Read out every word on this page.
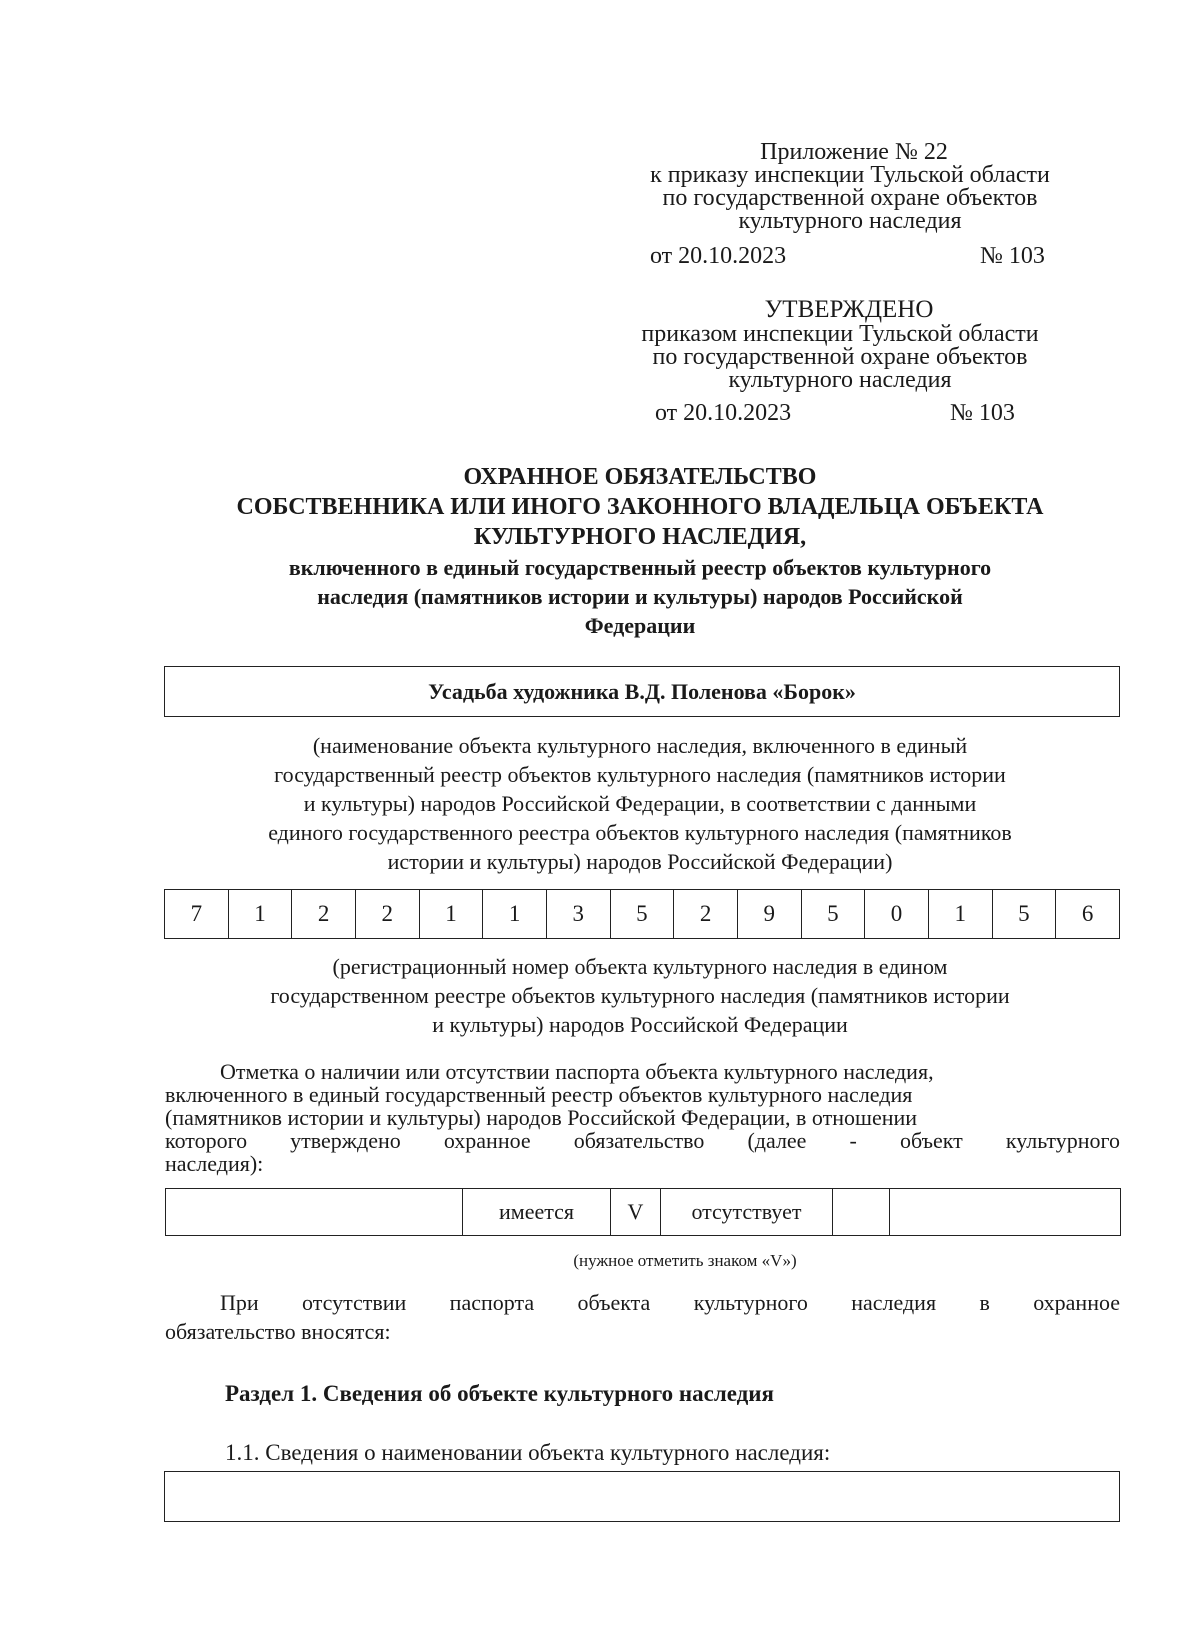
Приложение № 22
к приказу инспекции Тульской области
по государственной охране объектов
культурного наследия
от 20.10.2023	№ 103
УТВЕРЖДЕНО
приказом инспекции Тульской области
по государственной охране объектов
культурного наследия
от 20.10.2023	№ 103
ОХРАННОЕ ОБЯЗАТЕЛЬСТВО
СОБСТВЕННИКА ИЛИ ИНОГО ЗАКОННОГО ВЛАДЕЛЬЦА ОБЪЕКТА
КУЛЬТУРНОГО НАСЛЕДИЯ,
включенного в единый государственный реестр объектов культурного
наследия (памятников истории и культуры) народов Российской
Федерации
Усадьба художника В.Д. Поленова «Борок»
(наименование объекта культурного наследия, включенного в единый
государственный реестр объектов культурного наследия (памятников истории
и культуры) народов Российской Федерации, в соответствии с данными
единого государственного реестра объектов культурного наследия (памятников
истории и культуры) народов Российской Федерации)
7	1	2	2	1	1	3	5	2	9	5	0	1	5	6
(регистрационный номер объекта культурного наследия в едином
государственном реестре объектов культурного наследия (памятников истории
и культуры) народов Российской Федерации
Отметка о наличии или отсутствии паспорта объекта культурного наследия,
включенного в единый государственный реестр объектов культурного наследия
(памятников истории и культуры) народов Российской Федерации, в отношении
которого утверждено охранное обязательство (далее - объект культурного
наследия):
	имеется	V	отсутствует		
(нужное отметить знаком «V»)
При отсутствии паспорта объекта культурного наследия в охранное
обязательство вносятся:
Раздел 1. Сведения об объекте культурного наследия
1.1. Сведения о наименовании объекта культурного наследия:
